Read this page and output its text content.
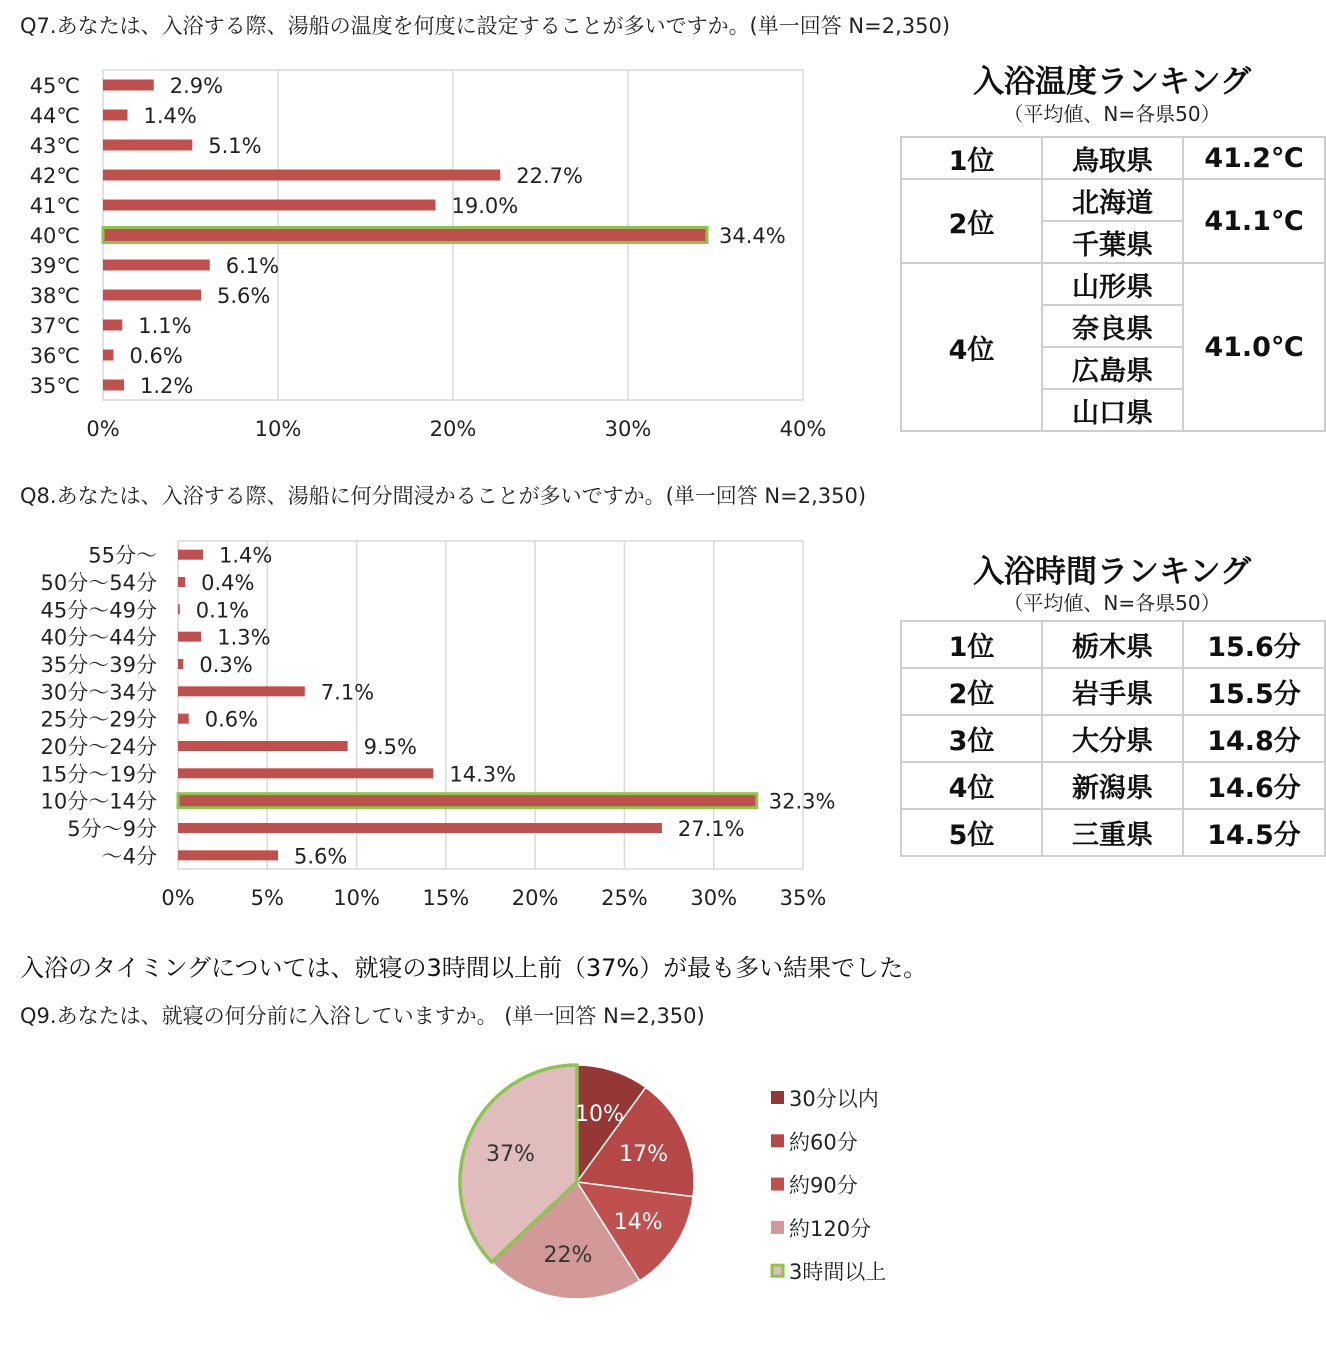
Q7.あなたは、入浴する際、湯船の温度を何度に設定することが多いですか。(単一回答 N=2,350)
0%	10%	20%	30%	40%
45℃	2.9%
44℃	1.4%
43℃	5.1%
42℃	22.7%
41℃	19.0%
40℃	34.4%
39℃	6.1%
38℃	5.6%
37℃	1.1%
36℃ 0.6%
35℃	1.2%
入浴温度ランキング
（平均値、N=各県50）
1位	鳥取県	41.2℃
2位	北海道	41.1℃
	千葉県	
4位	山形県	41.0℃
	奈良県	
	広島県	
	山口県	
Q8.あなたは、入浴する際、湯船に何分間浸かることが多いですか。(単一回答 N=2,350)
0%	5% 10% 15% 20% 25% 30% 35%
55分～	1.4%
50分～54分 0.4%
45分～49分 0.1%
40分～44分	1.3%
35分～39分 0.3%
30分～34分	7.1%
25分～29分 0.6%
20分～24分	9.5%
15分～19分	14.3%
10分～14分	32.3%
5分～9分	27.1%
～4分	5.6%
入浴時間ランキング
（平均値、N=各県50）
1位	栃木県	15.6分
2位	岩手県	15.5分
3位	大分県	14.8分
4位	新潟県	14.6分
5位	三重県	14.5分
入浴のタイミングについては、就寝の3時間以上前（37%）が最も多い結果でした。
Q9.あなたは、就寝の何分前に入浴していますか。 (単一回答 N=2,350)
10%
17%
14%
22%
37%
30分以内
約60分
約90分
約120分
3時間以上
